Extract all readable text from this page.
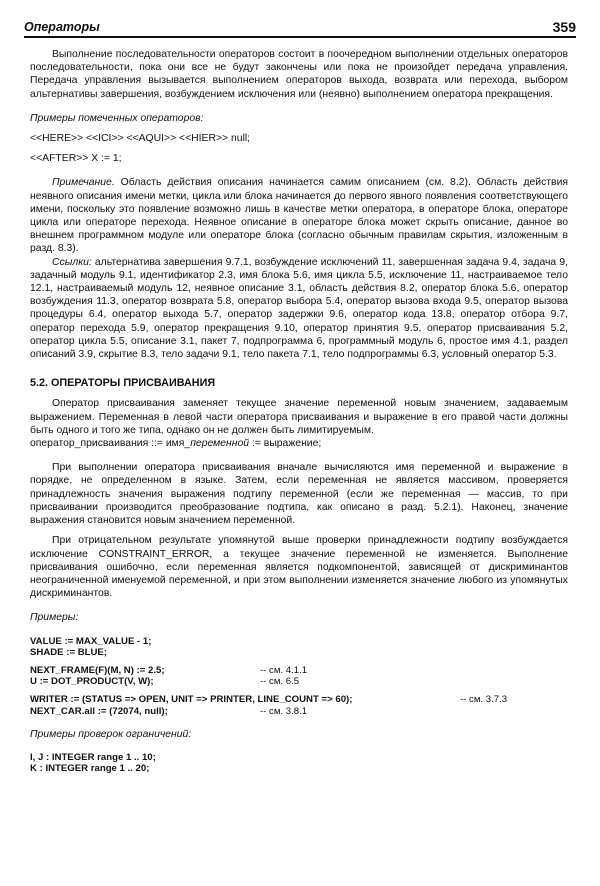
Операторы	359

Выполнение последовательности операторов состоит в поочередном выполнении отдельных операторов последовательности, пока они все не будут закончены или пока не произойдет передача управления. Передача управления вызывается выполнением операторов выхода, возврата или перехода, выбором альтернативы завершения, возбуждением исключения или (неявно) выполнением оператора прекращения.

Примеры помеченных операторов:

<<HERE>> <<ICI>> <<AQUI>> <<HIER>> null;

<<AFTER>> X := 1;

Примечание. Область действия описания начинается самим описанием (см. 8.2). Область действия неявного описания имени метки, цикла или блока начинается до первого явного появления соответствующего имени, поскольку это появление возможно лишь в качестве метки оператора, в операторе блока, операторе цикла или операторе перехода. Неявное описание в операторе блока может скрыть описание, данное во внешнем программном модуле или операторе блока (согласно обычным правилам скрытия, изложенным в разд. 8.3).

Ссылки: альтернатива завершения 9.7.1, возбуждение исключений 11, завершенная задача 9.4, задача 9, задачный модуль 9.1, идентификатор 2.3, имя блока 5.6, имя цикла 5.5, исключение 11, настраиваемое тело 12.1, настраиваемый модуль 12, неявное описание 3.1, область действия 8.2, оператор блока 5.6, оператор возбуждения 11.3, оператор возврата 5.8, оператор выбора 5.4, оператор вызова входа 9.5, оператор вызова процедуры 6.4, оператор выхода 5.7, оператор задержки 9.6, оператор кода 13.8, оператор отбора 9.7, оператор перехода 5.9, оператор прекращения 9.10, оператор принятия 9.5, оператор присваивания 5.2, оператор цикла 5.5, описание 3.1, пакет 7, подпрограмма 6, программный модуль 6, простое имя 4.1, раздел описаний 3.9, скрытие 8.3, тело задачи 9.1, тело пакета 7.1, тело подпрограммы 6.3, условный оператор 5.3.

5.2. ОПЕРАТОРЫ ПРИСВАИВАНИЯ

Оператор присваивания заменяет текущее значение переменной новым значением, задаваемым выражением. Переменная в левой части оператора присваивания и выражение в его правой части должны быть одного и того же типа, однако он не должен быть лимитируемым.

оператор_присваивания ::= имя_переменной := выражение;

При выполнении оператора присваивания вначале вычисляются имя переменной и выражение в порядке, не определенном в языке. Затем, если переменная не является массивом, проверяется принадлежность значения выражения подтипу переменной (если же переменная — массив, то при присваивании производится преобразование подтипа, как описано в разд. 5.2.1). Наконец, значение выражения становится новым значением переменной.

При отрицательном результате упомянутой выше проверки принадлежности подтипу возбуждается исключение CONSTRAINT_ERROR, а текущее значение переменной не изменяется. Выполнение присваивания ошибочно, если переменная является подкомпонентой, зависящей от дискриминантов неограниченной именуемой переменной, и при этом выполнении изменяется значение любого из упомянутых дискриминантов.

Примеры:

VALUE := MAX_VALUE - 1;
SHADE := BLUE;
NEXT_FRAME(F)(M, N) := 2.5;	-- см. 4.1.1
U := DOT_PRODUCT(V, W);	-- см. 6.5
WRITER := (STATUS => OPEN, UNIT => PRINTER, LINE_COUNT => 60);	-- см. 3.7.3
NEXT_CAR.all := (72074, null);	-- см. 3.8.1

Примеры проверок ограничений:

I, J : INTEGER range 1 .. 10;
K : INTEGER range 1 .. 20;
